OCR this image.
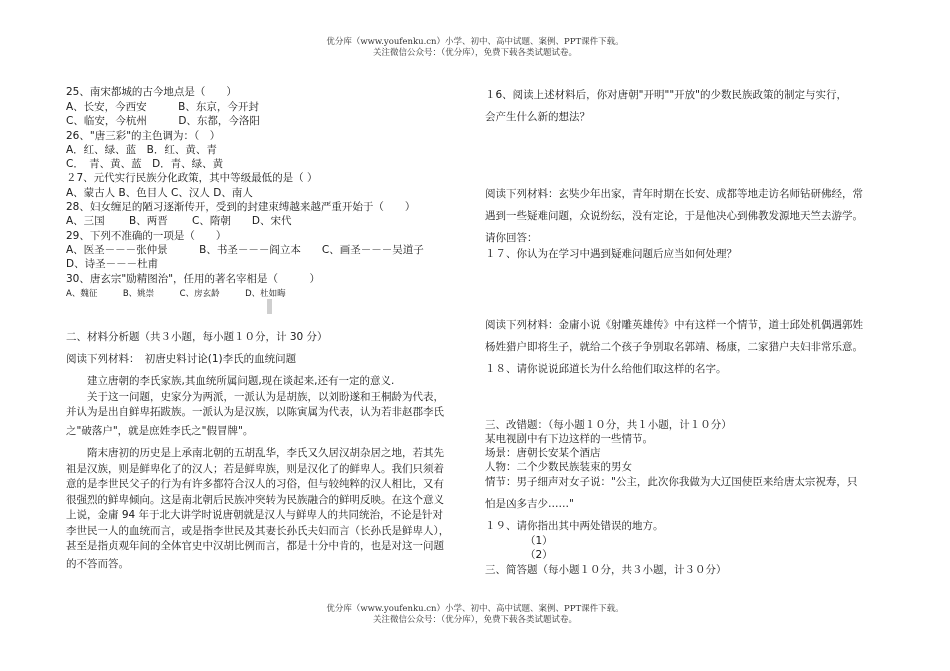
优分库（www.youfenku.cn）小学、初中、高中试题、案例、PPT课件下载。
关注微信公众号：（优分库），免费下载各类试题试卷。
25、南宋都城的古今地点是（　　）
A、长安，今西安　　　B、东京，今开封
C、临安，今杭州　　　D、东都，今洛阳
26、"唐三彩"的主色调为：（　）
A．红、绿、蓝　B．红、黄、青
C．　青、黄、蓝　D．青、绿、黄
２7、元代实行民族分化政策，其中等级最低的是（ ）
A、蒙古人 B、色目人 C、汉人 D、南人
28、妇女缠足的陋习逐渐传开，受到的封建束缚越来越严重开始于（　　）
A、三国　　 B、两晋　　 C、隋朝　　D、宋代
29、下列不准确的一项是（　　）
A、医圣－－－张仲景　　　B、书圣－－－阎立本　　C、画圣－－－吴道子
D、诗圣－－－杜甫
30、唐玄宗"励精图治"，任用的著名宰相是（　　　）
A、魏征　　　B、姚崇　　　C、房玄龄　　　D、杜如晦
二、材料分析题（共３小题，每小题１０分，计 30 分）
阅读下列材料：　初唐史料讨论(1)李氏的血统问题
　　建立唐朝的李氏家族,其血统所属问题,现在谈起来,还有一定的意义.
　　关于这一问题，史家分为两派，一派认为是胡族，以刘盼遂和王桐龄为代表，
并认为是出自鲜卑拓跋族。一派认为是汉族，以陈寅属为代表，认为若非赵郡李氏
之"破落户"，就是庶姓李氏之"假冒牌"。
　　隋末唐初的历史是上承南北朝的五胡乱华，李氏又久居汉胡杂居之地，若其先
祖是汉族，则是鲜卑化了的汉人；若是鲜卑族，则是汉化了的鲜卑人。我们只须着
意的是李世民父子的行为有许多都符合汉人的习俗，但与较纯粹的汉人相比，又有
很强烈的鲜卑倾向。这是南北朝后民族冲突转为民族融合的鲜明反映。在这个意义
上说，金庸 94 年于北大讲学时说唐朝就是汉人与鲜卑人的共同统治，不论是针对
李世民一人的血统而言，或是指李世民及其妻长孙氏夫妇而言（长孙氏是鲜卑人），
甚至是指贞观年间的全体官史中汉胡比例而言，都是十分中肯的，也是对这一问题
的不答而答。
１6、阅读上述材料后，你对唐朝"开明""开放"的少数民族政策的制定与实行，
会产生什么新的想法？
阅读下列材料：玄奘少年出家，青年时期在长安、成都等地走访名师钻研佛经，常
遇到一些疑难问题，众说纷纭，没有定论，于是他决心到佛教发源地天竺去游学。
请你回答：
１７、你认为在学习中遇到疑难问题后应当如何处理？
阅读下列材料：金庸小说《射雕英雄传》中有这样一个情节，道士邱处机偶遇郭姓
杨姓猎户即将生子，就给二个孩子争别取名郭靖、杨康，二家猎户夫妇非常乐意。
１８、请你说说邱道长为什么给他们取这样的名字。
三、改错题：（每小题１０分，共１小题，计１０分）
某电视剧中有下边这样的一些情节。
场景：唐朝长安某个酒店
人物：二个少数民族装束的男女
情节：男子细声对女子说："公主，此次你我做为大辽国使臣来给唐太宗祝寿，只
怕是凶多吉少……"
１９、请你指出其中两处错误的地方。
（1）
（2）
三、简答题（每小题１０分，共３小题，计３０分）
优分库（www.youfenku.cn）小学、初中、高中试题、案例、PPT课件下载。
关注微信公众号：（优分库），免费下载各类试题试卷。
